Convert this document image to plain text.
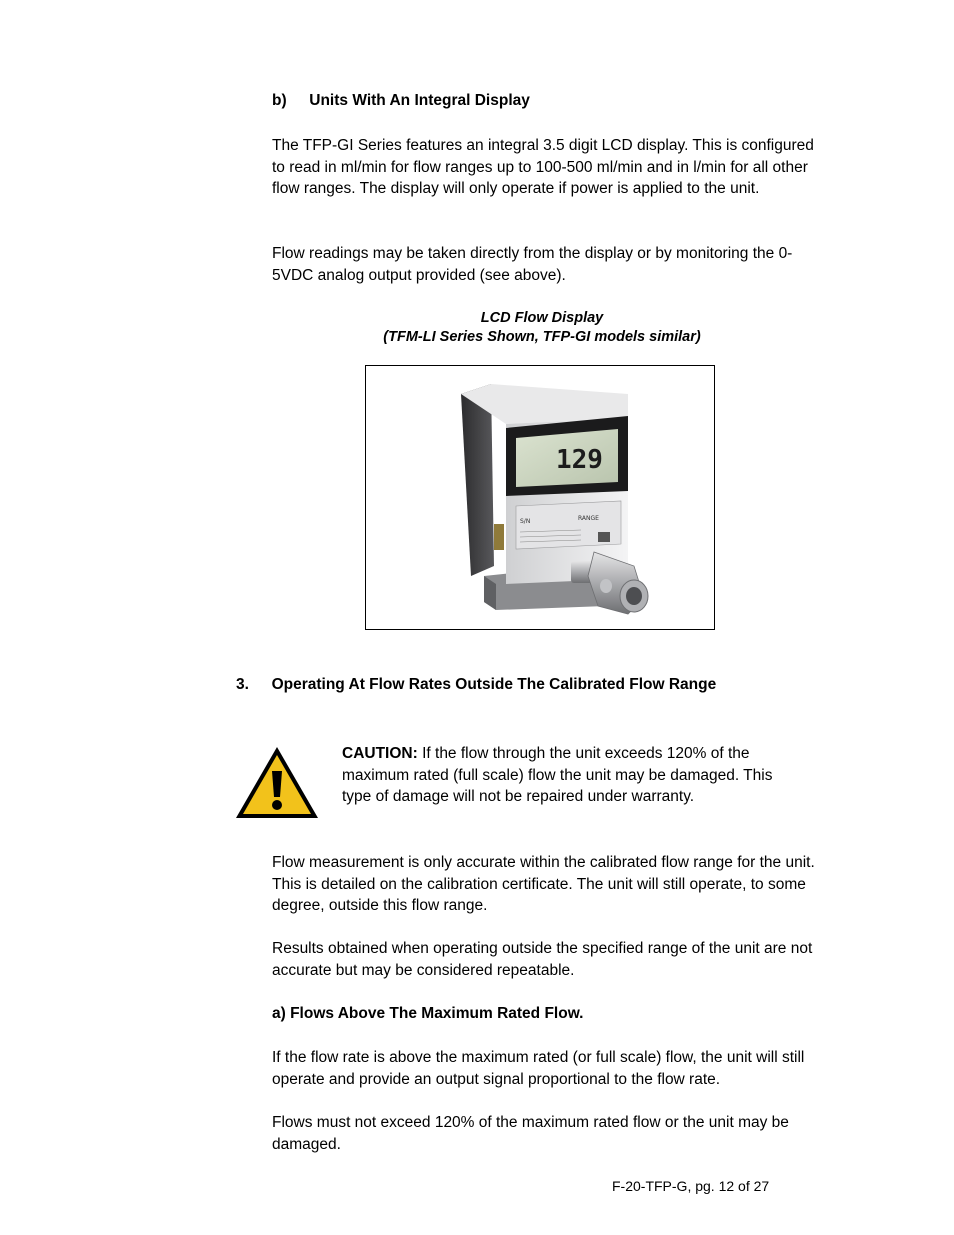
b) Units With An Integral Display
The TFP-GI Series features an integral 3.5 digit LCD display. This is configured to read in ml/min for flow ranges up to 100-500 ml/min and in l/min for all other flow ranges. The display will only operate if power is applied to the unit.
Flow readings may be taken directly from the display or by monitoring the 0-5VDC analog output provided (see above).
LCD Flow Display
(TFM-LI Series Shown, TFP-GI models similar)
129
S/N	RANGE
3. Operating At Flow Rates Outside The Calibrated Flow Range
CAUTION: If the flow through the unit exceeds 120% of the maximum rated (full scale) flow the unit may be damaged. This type of damage will not be repaired under warranty.
Flow measurement is only accurate within the calibrated flow range for the unit. This is detailed on the calibration certificate. The unit will still operate, to some degree, outside this flow range.
Results obtained when operating outside the specified range of the unit are not accurate but may be considered repeatable.
a) Flows Above The Maximum Rated Flow.
If the flow rate is above the maximum rated (or full scale) flow, the unit will still operate and provide an output signal proportional to the flow rate.
Flows must not exceed 120% of the maximum rated flow or the unit may be damaged.
F-20-TFP-G, pg. 12 of 27
